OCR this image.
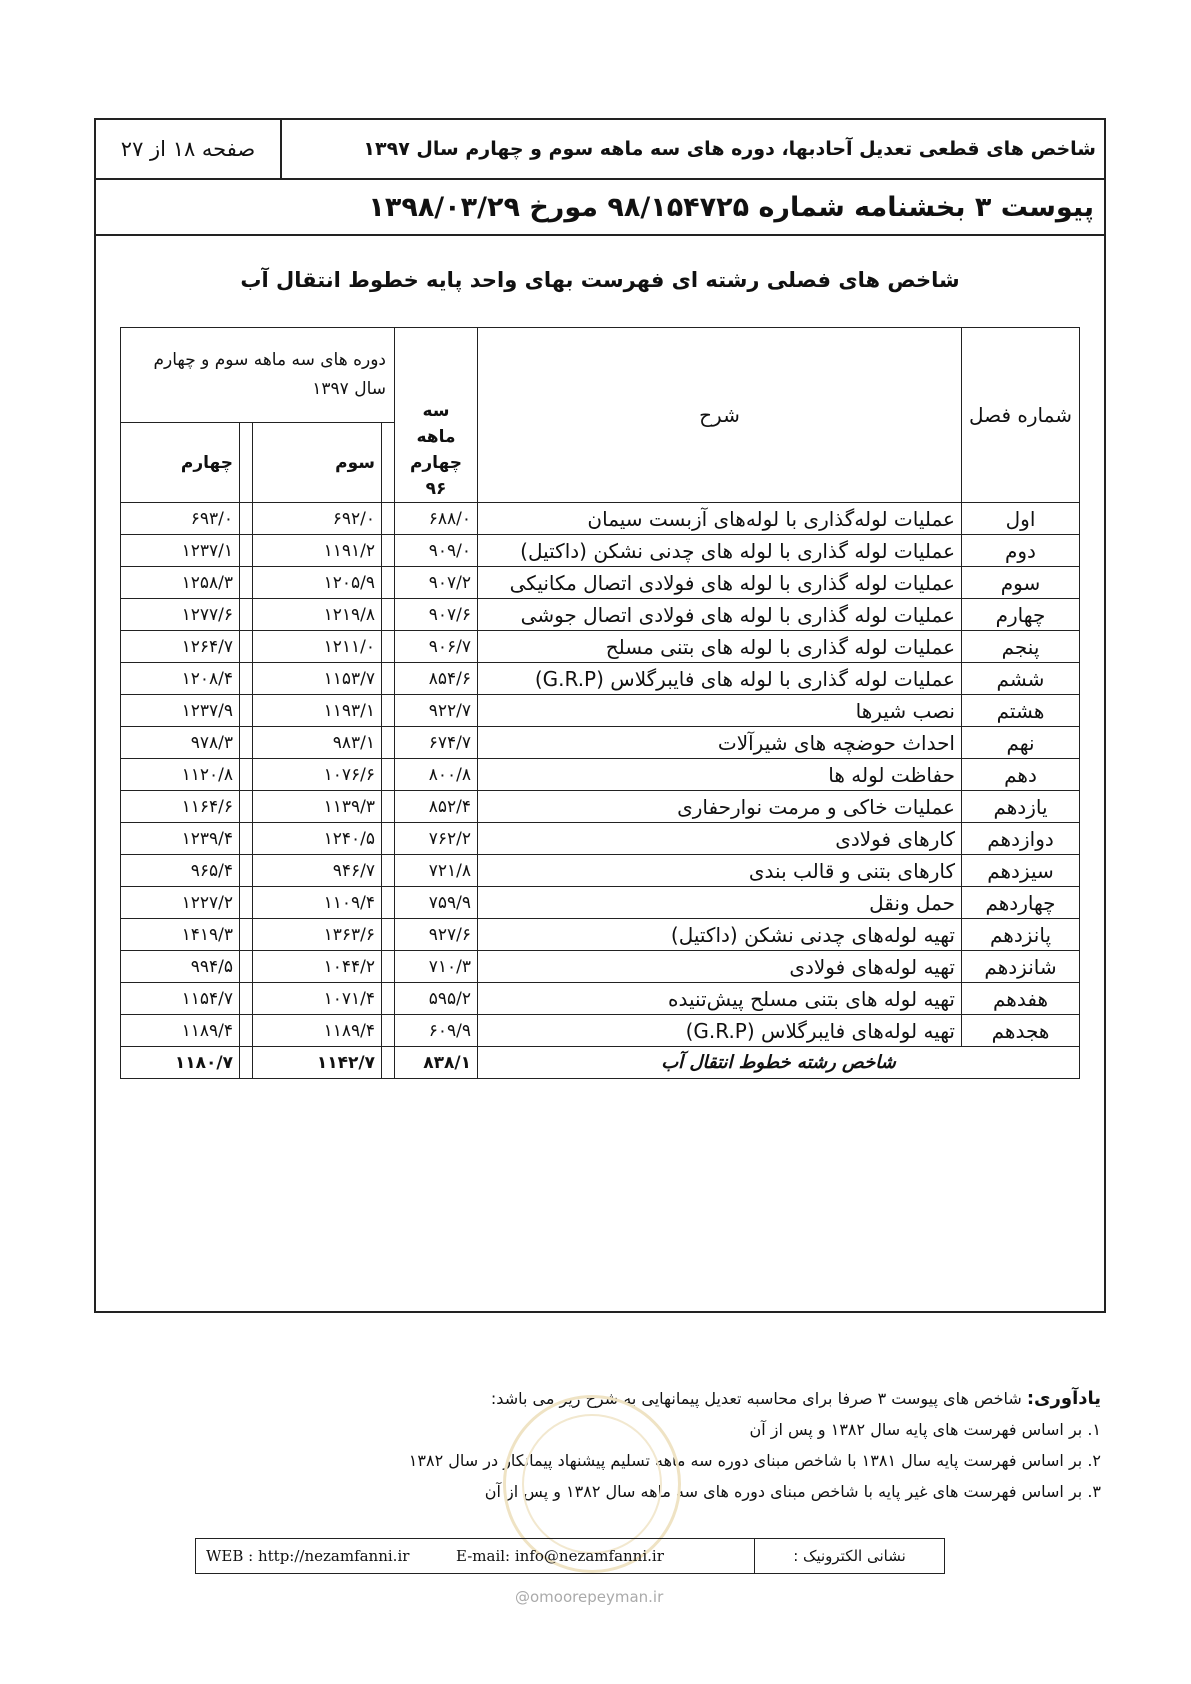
شاخص های قطعی تعدیل آحادبها، دوره های سه ماهه سوم و چهارم سال ۱۳۹۷
صفحه ۱۸ از ۲۷
پیوست ۳ بخشنامه شماره ۹۸/۱۵۴۷۲۵ مورخ ۱۳۹۸/۰۳/۲۹
شاخص های فصلی رشته ای فهرست بهای واحد پایه خطوط انتقال آب
شماره فصل	شرح	سه ماهه چهارم ۹۶	دوره های سه ماهه سوم و چهارم سال ۱۳۹۷			
				سوم		چهارم
اول	عملیات لوله‌گذاری با لوله‌های آزبست سیمان	۶۸۸/۰		۶۹۲/۰		۶۹۳/۰
دوم	عملیات لوله گذاری با لوله های چدنی نشکن (داکتیل)	۹۰۹/۰		۱۱۹۱/۲		۱۲۳۷/۱
سوم	عملیات لوله گذاری با لوله های فولادی اتصال مکانیکی	۹۰۷/۲		۱۲۰۵/۹		۱۲۵۸/۳
چهارم	عملیات لوله گذاری با لوله های فولادی اتصال جوشی	۹۰۷/۶		۱۲۱۹/۸		۱۲۷۷/۶
پنجم	عملیات لوله گذاری با لوله های بتنی مسلح	۹۰۶/۷		۱۲۱۱/۰		۱۲۶۴/۷
ششم	عملیات لوله گذاری با لوله های فایبرگلاس (G.R.P)	۸۵۴/۶		۱۱۵۳/۷		۱۲۰۸/۴
هشتم	نصب شیرها	۹۲۲/۷		۱۱۹۳/۱		۱۲۳۷/۹
نهم	احداث حوضچه های شیرآلات	۶۷۴/۷		۹۸۳/۱		۹۷۸/۳
دهم	حفاظت لوله ها	۸۰۰/۸		۱۰۷۶/۶		۱۱۲۰/۸
یازدهم	عملیات خاکی و مرمت نوارحفاری	۸۵۲/۴		۱۱۳۹/۳		۱۱۶۴/۶
دوازدهم	کارهای فولادی	۷۶۲/۲		۱۲۴۰/۵		۱۲۳۹/۴
سیزدهم	کارهای بتنی و قالب بندی	۷۲۱/۸		۹۴۶/۷		۹۶۵/۴
چهاردهم	حمل ونقل	۷۵۹/۹		۱۱۰۹/۴		۱۲۲۷/۲
پانزدهم	تهیه لوله‌های چدنی نشکن (داکتیل)	۹۲۷/۶		۱۳۶۳/۶		۱۴۱۹/۳
شانزدهم	تهیه لوله‌های فولادی	۷۱۰/۳		۱۰۴۴/۲		۹۹۴/۵
هفدهم	تهیه لوله های بتنی مسلح پیش‌تنیده	۵۹۵/۲		۱۰۷۱/۴		۱۱۵۴/۷
هجدهم	تهیه لوله‌های فایبرگلاس (G.R.P)	۶۰۹/۹		۱۱۸۹/۴		۱۱۸۹/۴
شاخص رشته خطوط انتقال آب		۸۳۸/۱		۱۱۴۲/۷		۱۱۸۰/۷
یادآوری: شاخص های پیوست ۳ صرفا برای محاسبه تعدیل پیمانهایی به شرح زیر می باشد:
۱. بر اساس فهرست های پایه سال ۱۳۸۲ و پس از آن
۲. بر اساس فهرست پایه سال ۱۳۸۱ با شاخص مبنای دوره سه ماهه تسلیم پیشنهاد پیمانکار در سال ۱۳۸۲
۳. بر اساس فهرست های غیر پایه با شاخص مبنای دوره های سه ماهه سال ۱۳۸۲ و پس از آن
نشانی الکترونیک :
E-mail: info@nezamfanni.ir
WEB : http://nezamfanni.ir
@omoorepeyman.ir
